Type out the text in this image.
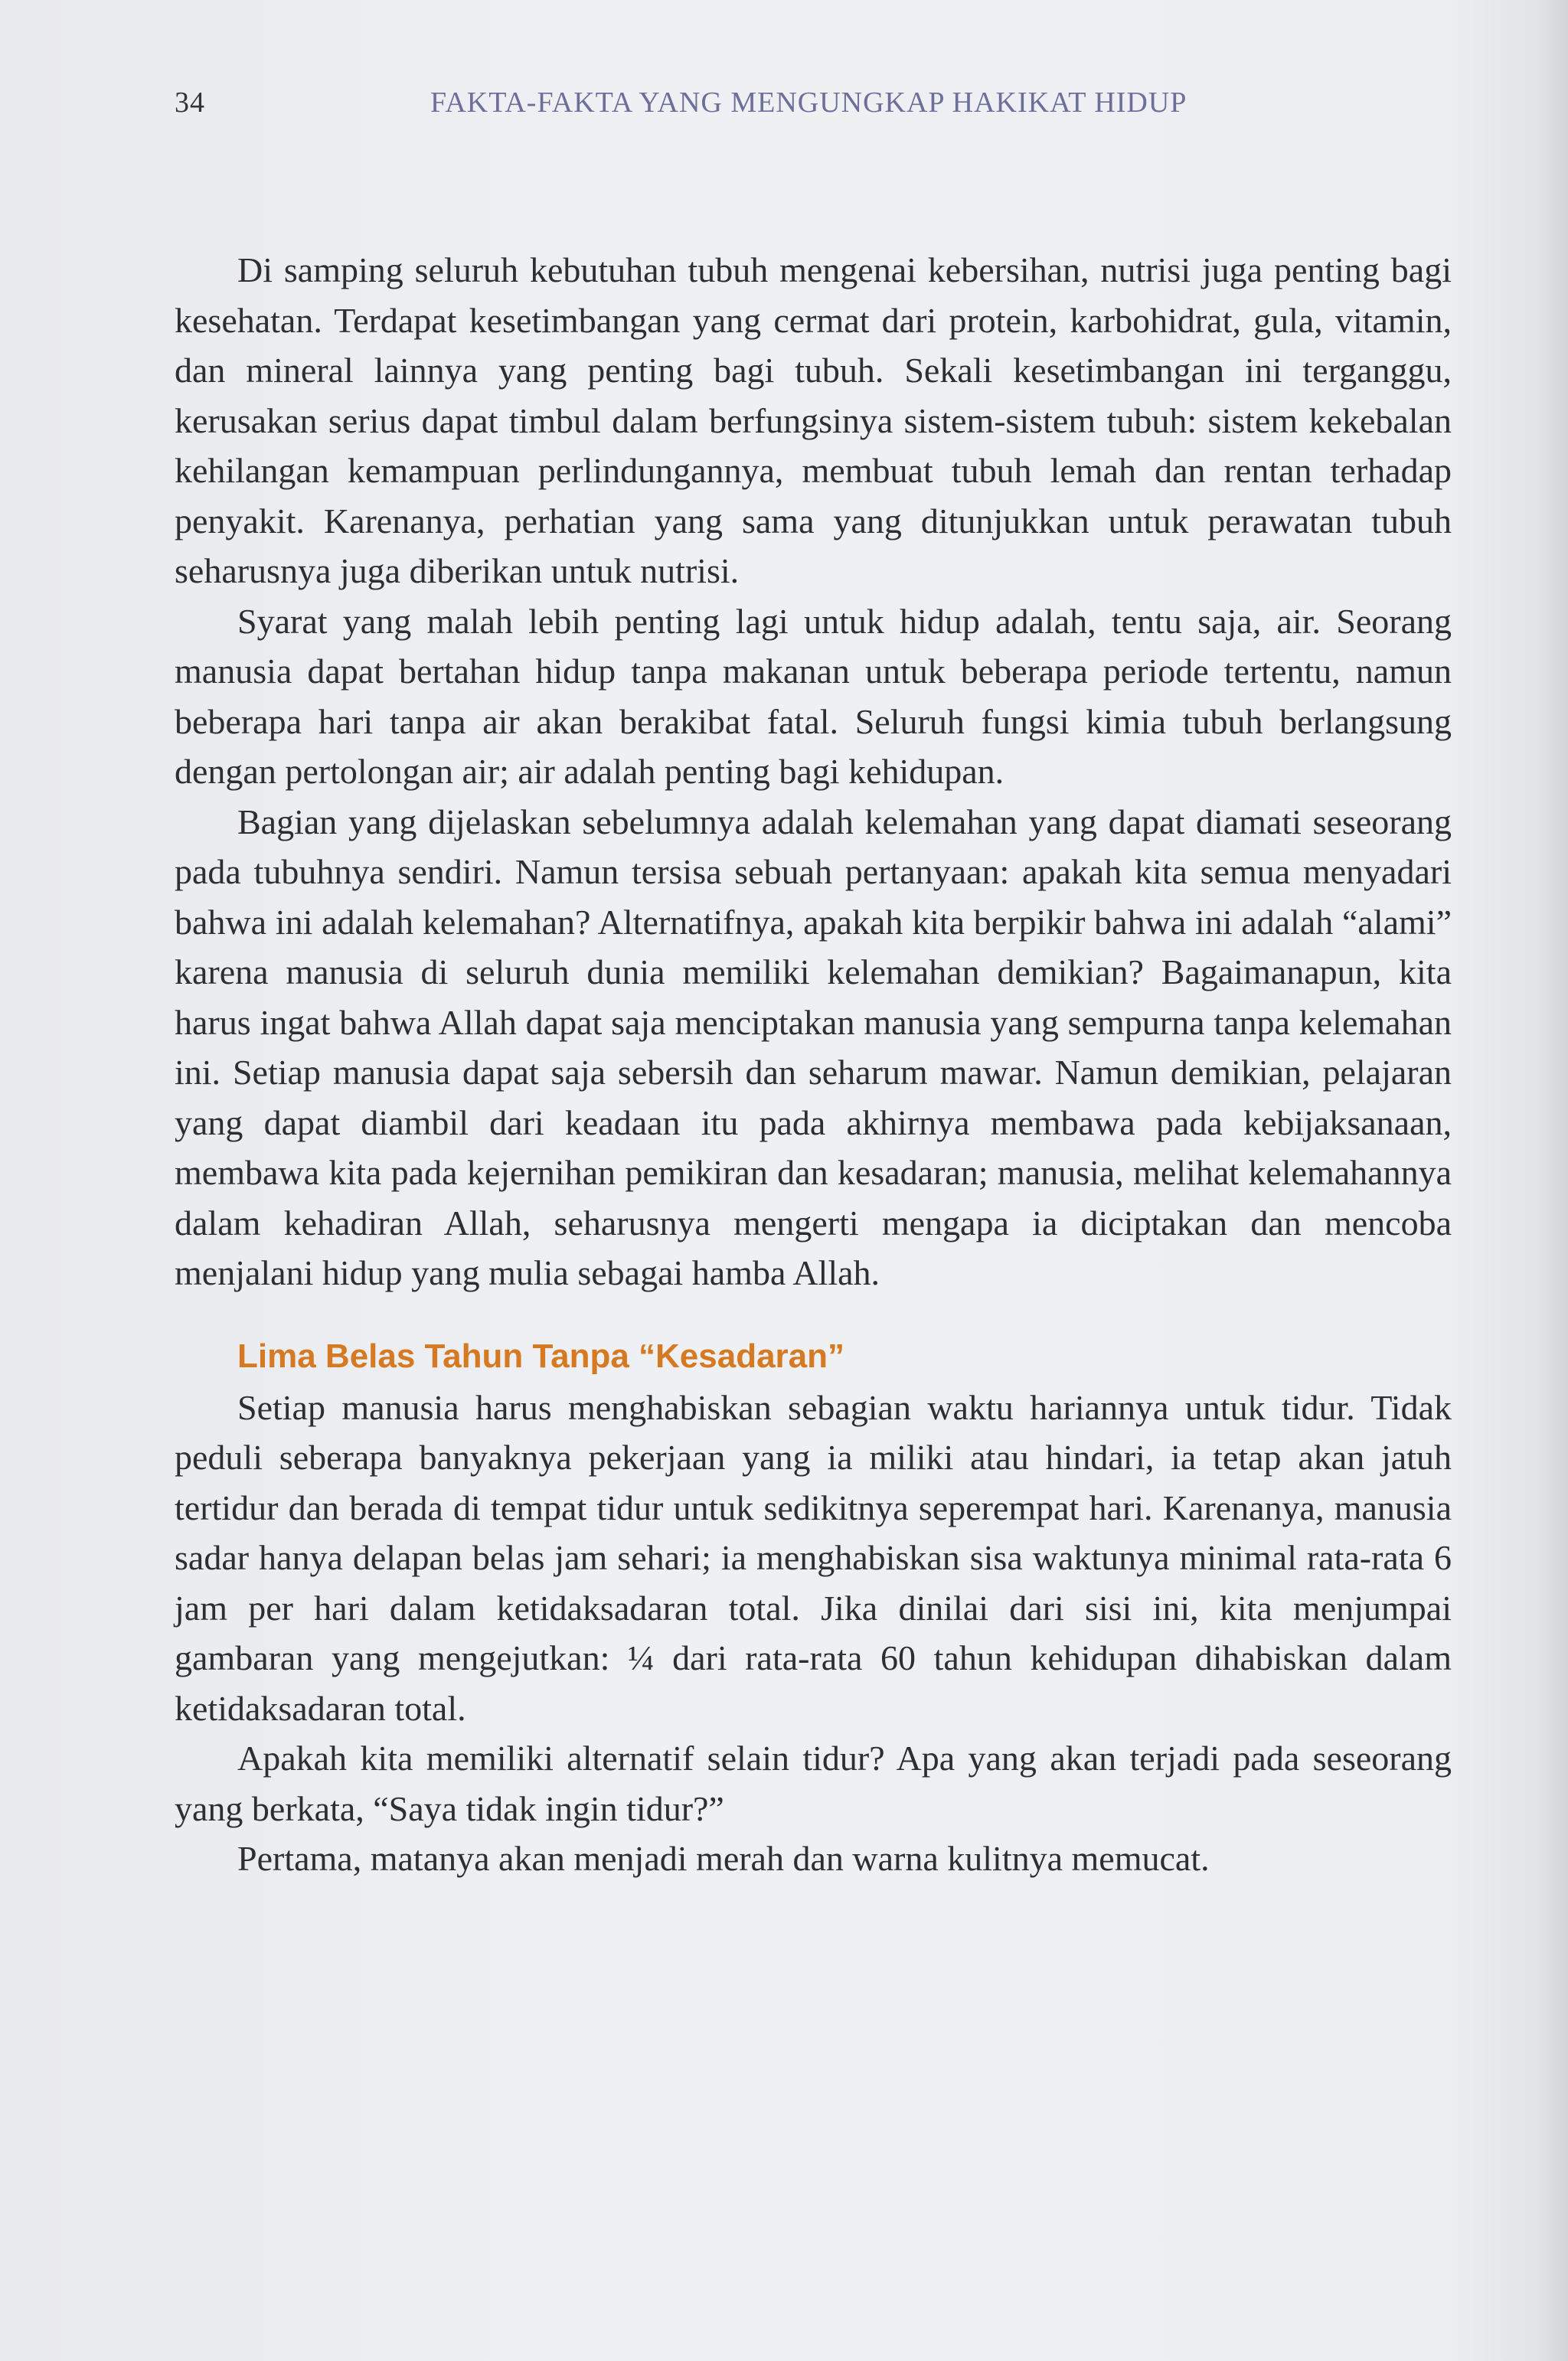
34	FAKTA-FAKTA YANG MENGUNGKAP HAKIKAT HIDUP

Di samping seluruh kebutuhan tubuh mengenai kebersihan, nutrisi juga penting bagi kesehatan. Terdapat kesetimbangan yang cermat dari protein, karbohidrat, gula, vitamin, dan mineral lainnya yang penting bagi tubuh. Sekali kesetimbangan ini terganggu, kerusakan serius dapat timbul dalam berfungsinya sistem-sistem tubuh: sistem kekebalan kehilangan kemampuan perlindungannya, membuat tubuh lemah dan rentan terhadap penyakit. Karenanya, perhatian yang sama yang ditunjukkan untuk perawatan tubuh seharusnya juga diberikan untuk nutrisi.

Syarat yang malah lebih penting lagi untuk hidup adalah, tentu saja, air. Seorang manusia dapat bertahan hidup tanpa makanan untuk beberapa periode tertentu, namun beberapa hari tanpa air akan berakibat fatal. Seluruh fungsi kimia tubuh berlangsung dengan pertolongan air; air adalah penting bagi kehidupan.

Bagian yang dijelaskan sebelumnya adalah kelemahan yang dapat diamati seseorang pada tubuhnya sendiri. Namun tersisa sebuah pertanyaan: apakah kita semua menyadari bahwa ini adalah kelemahan? Alternatifnya, apakah kita berpikir bahwa ini adalah “alami” karena manusia di seluruh dunia memiliki kelemahan demikian? Bagaimanapun, kita harus ingat bahwa Allah dapat saja menciptakan manusia yang sempurna tanpa kelemahan ini. Setiap manusia dapat saja sebersih dan seharum mawar. Namun demikian, pelajaran yang dapat diambil dari keadaan itu pada akhirnya membawa pada kebijaksanaan, membawa kita pada kejernihan pemikiran dan kesadaran; manusia, melihat kelemahannya dalam kehadiran Allah, seharusnya mengerti mengapa ia diciptakan dan mencoba menjalani hidup yang mulia sebagai hamba Allah.

Lima Belas Tahun Tanpa “Kesadaran”

Setiap manusia harus menghabiskan sebagian waktu hariannya untuk tidur. Tidak peduli seberapa banyaknya pekerjaan yang ia miliki atau hindari, ia tetap akan jatuh tertidur dan berada di tempat tidur untuk sedikitnya seperempat hari. Karenanya, manusia sadar hanya delapan belas jam sehari; ia menghabiskan sisa waktunya minimal rata-rata 6 jam per hari dalam ketidaksadaran total. Jika dinilai dari sisi ini, kita menjumpai gambaran yang mengejutkan: ¼ dari rata-rata 60 tahun kehidupan dihabiskan dalam ketidaksadaran total.

Apakah kita memiliki alternatif selain tidur? Apa yang akan terjadi pada seseorang yang berkata, “Saya tidak ingin tidur?”

Pertama, matanya akan menjadi merah dan warna kulitnya memucat.
